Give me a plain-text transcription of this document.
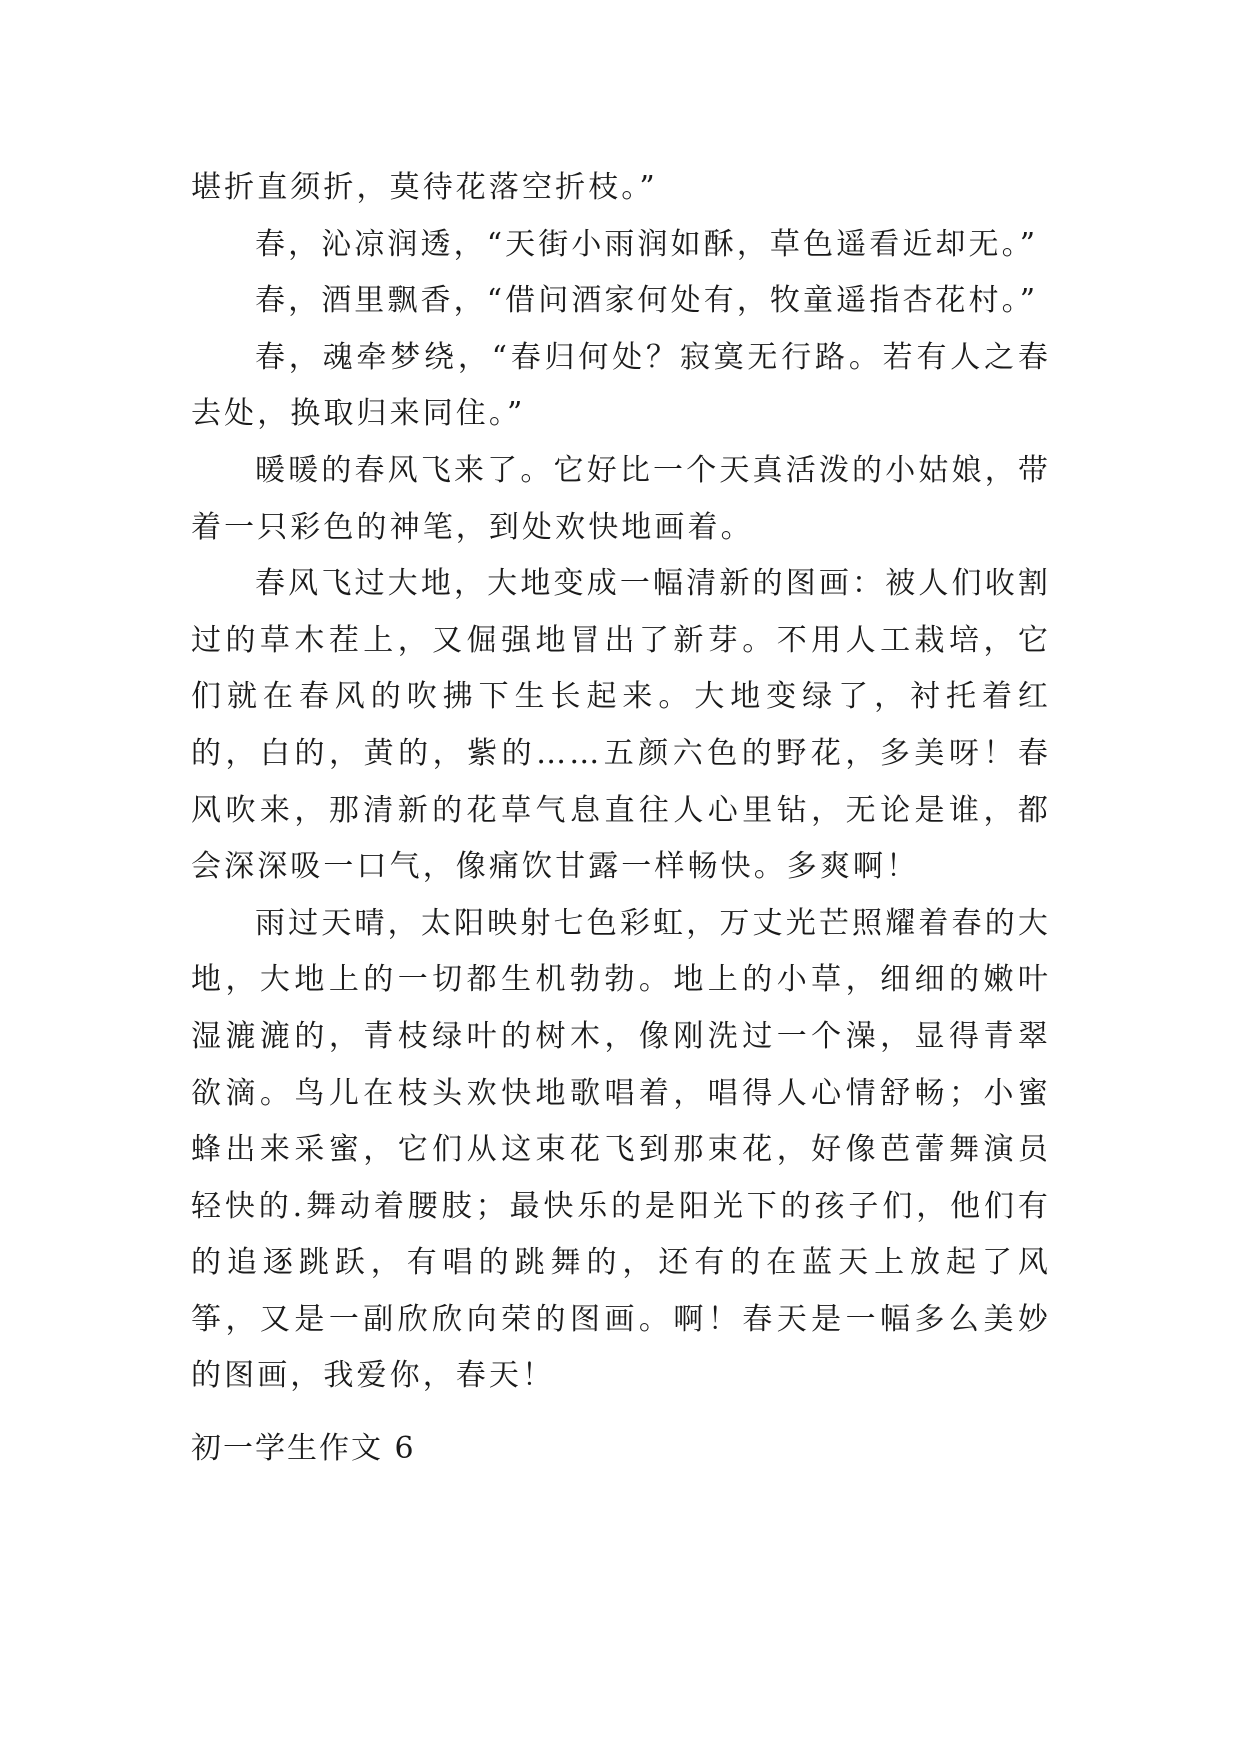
堪折直须折，莫待花落空折枝。”

春，沁凉润透，“天街小雨润如酥，草色遥看近却无。”

春，酒里飘香，“借问酒家何处有，牧童遥指杏花村。”

春，魂牵梦绕，“春归何处？寂寞无行路。若有人之春去处，换取归来同住。”

暖暖的春风飞来了。它好比一个天真活泼的小姑娘，带着一只彩色的神笔，到处欢快地画着。

春风飞过大地，大地变成一幅清新的图画：被人们收割过的草木茬上，又倔强地冒出了新芽。不用人工栽培，它们就在春风的吹拂下生长起来。大地变绿了，衬托着红的，白的，黄的，紫的……五颜六色的野花，多美呀！春风吹来，那清新的花草气息直往人心里钻，无论是谁，都会深深吸一口气，像痛饮甘露一样畅快。多爽啊！

雨过天晴，太阳映射七色彩虹，万丈光芒照耀着春的大地，大地上的一切都生机勃勃。地上的小草，细细的嫩叶湿漉漉的，青枝绿叶的树木，像刚洗过一个澡，显得青翠欲滴。鸟儿在枝头欢快地歌唱着，唱得人心情舒畅；小蜜蜂出来采蜜，它们从这束花飞到那束花，好像芭蕾舞演员轻快的.舞动着腰肢；最快乐的是阳光下的孩子们，他们有的追逐跳跃，有唱的跳舞的，还有的在蓝天上放起了风筝，又是一副欣欣向荣的图画。啊！春天是一幅多么美妙的图画，我爱你，春天！

初一学生作文 6
